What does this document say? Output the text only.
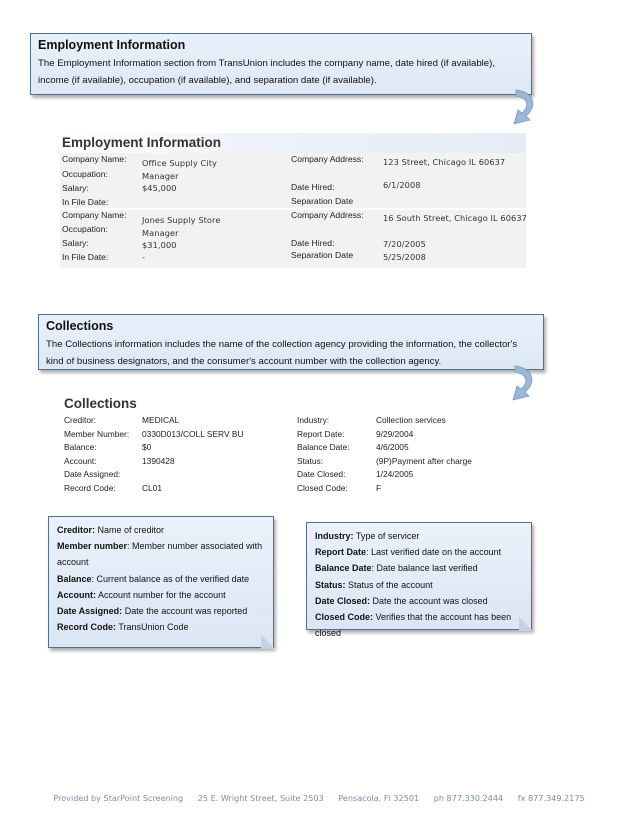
Employment Information

The Employment Information section from TransUnion includes the company name, date hired (if available), income (if available), occupation (if available), and separation date (if available).

Employment Information
Company Name:
Occupation:
Salary:
In File Date:
Office Supply City
Manager
$45,000
Company Address:
Date Hired:
Separation Date
123 Street, Chicago IL 60637
6/1/2008
Company Name:
Occupation:
Salary:
In File Date:
Jones Supply Store
Manager
$31,000
-
Company Address:
Date Hired:
Separation Date
16 South Street, Chicago IL 60637
7/20/2005
5/25/2008
Collections

The Collections information includes the name of the collection agency providing the information, the collector's kind of business designators, and the consumer's account number with the collection agency.

Collections
Creditor:
Member Number:
Balance:
Account:
Date Assigned:
Record Code:
MEDICAL
0330D013/COLL SERV BU
$0
1390428
CL01
Industry:
Report Date:
Balance Date:
Status:
Date Closed:
Closed Code:
Collection services
9/29/2004
4/6/2005
(9P)Payment after charge
1/24/2005
F
Creditor: Name of creditor
Member number: Member number associated with account
Balance: Current balance as of the verified date
Account: Account number for the account
Date Assigned: Date the account was reported
Record Code: TransUnion Code
Industry: Type of servicer
Report Date: Last verified date on the account
Balance Date: Date balance last verified
Status: Status of the account
Date Closed: Date the account was closed
Closed Code: Verifies that the account has been closed
Provided by StarPoint Screening 25 E. Wright Street, Suite 2503 Pensacola, Fl 32501 ph 877.330.2444 fx 877.349.2175
